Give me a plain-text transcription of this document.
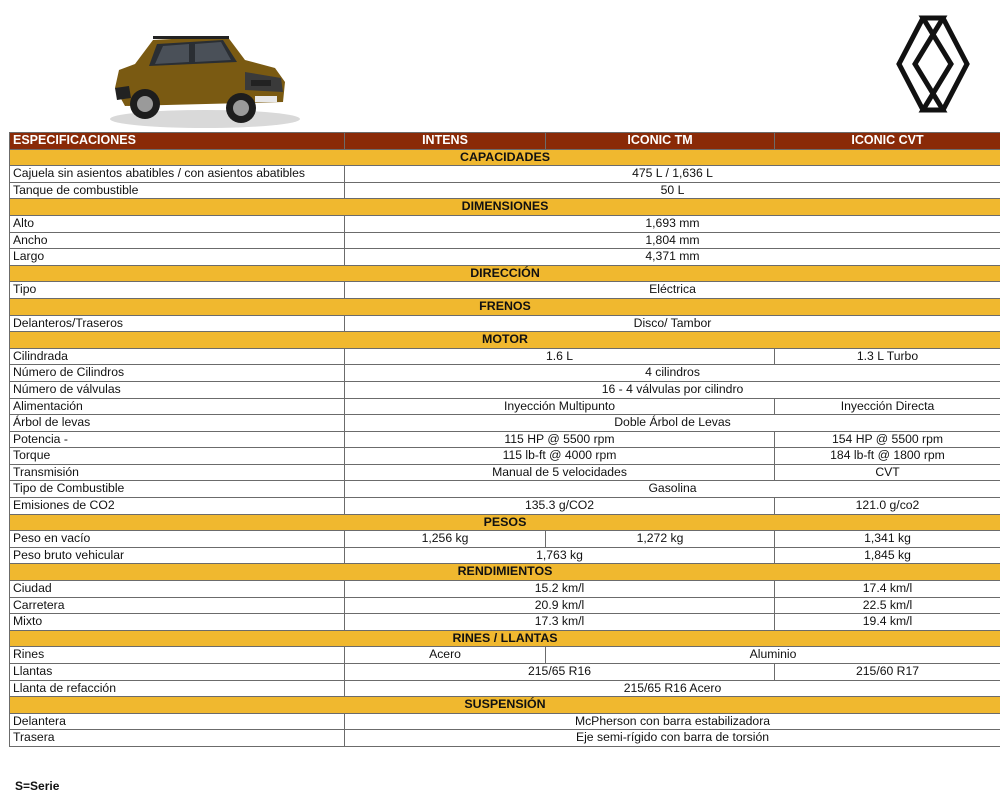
ESPECIFICACIONES	INTENS	ICONIC TM	ICONIC CVT
CAPACIDADES			
Cajuela sin asientos abatibles / con asientos abatibles	475 L / 1,636 L		
Tanque de combustible	50 L		
DIMENSIONES			
Alto	1,693 mm		
Ancho	1,804 mm		
Largo	4,371 mm		
DIRECCIÓN			
Tipo	Eléctrica		
FRENOS			
Delanteros/Traseros	Disco/ Tambor		
MOTOR			
Cilindrada	1.6 L		1.3 L Turbo
Número de Cilindros	4 cilindros		
Número de válvulas	16 - 4 válvulas por cilindro		
Alimentación	Inyección Multipunto		Inyección Directa
Árbol de levas	Doble Árbol de Levas		
Potencia -	115 HP @ 5500 rpm		154 HP @ 5500 rpm
Torque	115 lb-ft @ 4000 rpm		184 lb-ft @ 1800 rpm
Transmisión	Manual de 5 velocidades		CVT
Tipo de Combustible	Gasolina		
Emisiones de CO2	135.3 g/CO2		121.0 g/co2
PESOS			
Peso en vacío	1,256 kg	1,272 kg	1,341 kg
Peso bruto vehicular	1,763 kg		1,845 kg
RENDIMIENTOS			
Ciudad	15.2 km/l		17.4 km/l
Carretera	20.9 km/l		22.5 km/l
Mixto	17.3 km/l		19.4 km/l
RINES / LLANTAS			
Rines	Acero	Aluminio	
Llantas	215/65 R16		215/60 R17
Llanta de refacción	215/65 R16 Acero		
SUSPENSIÓN			
Delantera	McPherson con barra estabilizadora		
Trasera	Eje semi-rígido con barra de torsión		
S=Serie
